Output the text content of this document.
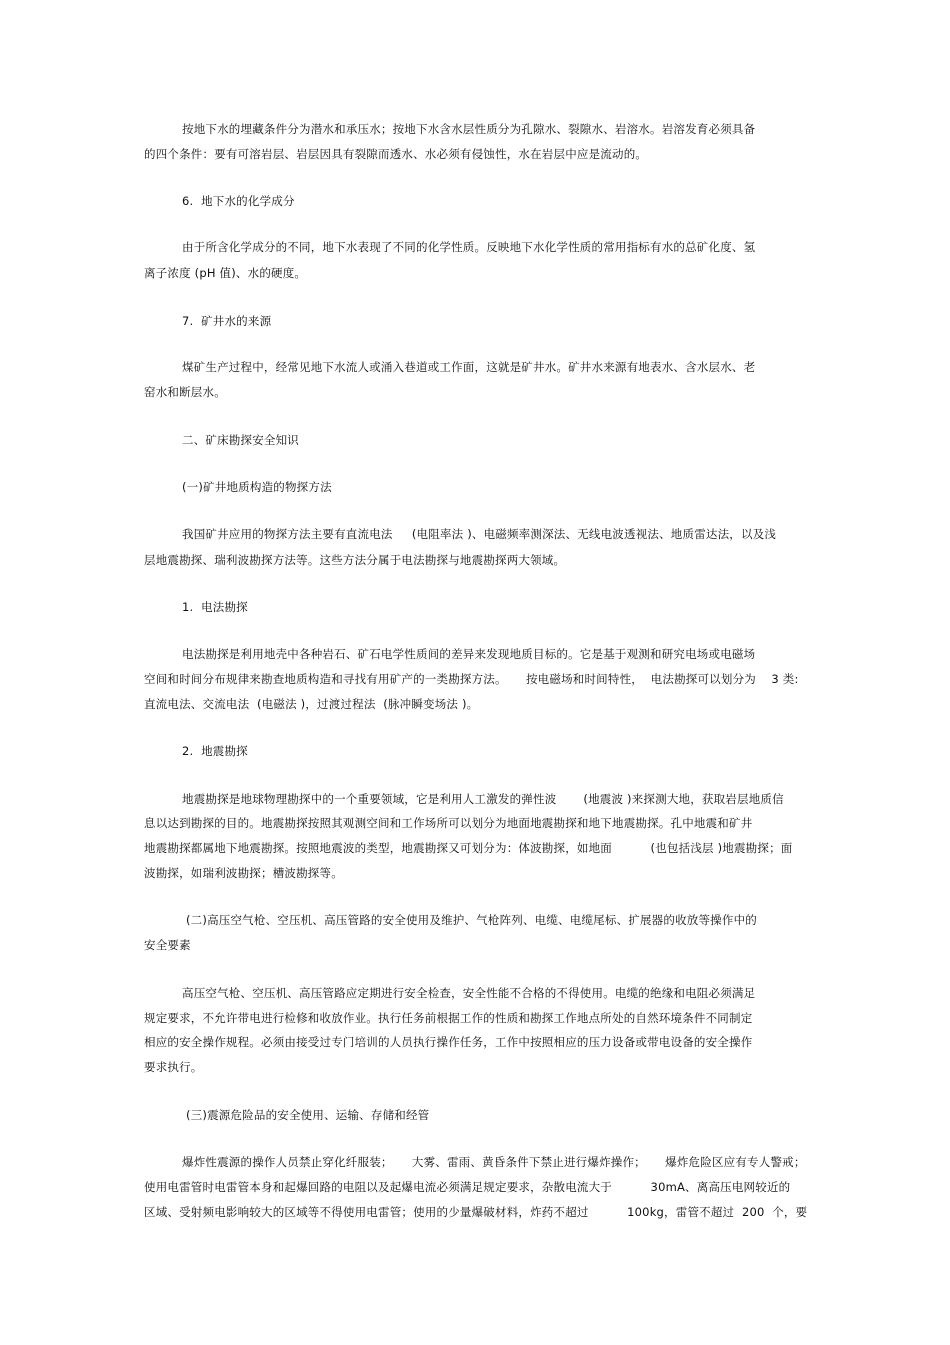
按地下水的埋藏条件分为潜水和承压水；按地下水含水层性质分为孔隙水、裂隙水、岩溶水。岩溶发育必须具备
的四个条件：要有可溶岩层、岩层因具有裂隙而透水、水必须有侵蚀性，水在岩层中应是流动的。
6.  地下水的化学成分
由于所含化学成分的不同，地下水表现了不同的化学性质。反映地下水化学性质的常用指标有水的总矿化度、氢
离子浓度 (pH 值)、水的硬度。
7.  矿井水的来源
煤矿生产过程中，经常见地下水流人或涌入巷道或工作面，这就是矿井水。矿井水来源有地表水、含水层水、老
窑水和断层水。
二、矿床勘探安全知识
(一)矿井地质构造的物探方法
我国矿井应用的物探方法主要有直流电法     (电阻率法 )、电磁频率测深法、无线电波透视法、地质雷达法，以及浅
层地震勘探、瑞利波勘探方法等。这些方法分属于电法勘探与地震勘探两大领域。
1.  电法勘探
电法勘探是利用地壳中各种岩石、矿石电学性质间的差异来发现地质目标的。它是基于观测和研究电场或电磁场
空间和时间分布规律来勘查地质构造和寻找有用矿产的一类勘探方法。     按电磁场和时间特性，  电法勘探可以划分为    3 类:
直流电法、交流电法  (电磁法 )，过渡过程法  (脉冲瞬变场法 )。
2.  地震勘探
地震勘探是地球物理勘探中的一个重要领域，它是利用人工激发的弹性波       (地震波 )来探测大地，获取岩层地质信
息以达到勘探的目的。地震勘探按照其观测空间和工作场所可以划分为地面地震勘探和地下地震勘探。孔中地震和矿井
地震勘探都属地下地震勘探。按照地震波的类型，地震勘探又可划分为：体波勘探，如地面          (也包括浅层 )地震勘探；面
波勘探，如瑞利波勘探；槽波勘探等。
(二)高压空气枪、空压机、高压管路的安全使用及维护、气枪阵列、电缆、电缆尾标、扩展器的收放等操作中的
安全要素
高压空气枪、空压机、高压管路应定期进行安全检查，安全性能不合格的不得使用。电缆的绝缘和电阻必须满足
规定要求，不允许带电进行检修和收放作业。执行任务前根据工作的性质和勘探工作地点所处的自然环境条件不同制定
相应的安全操作规程。必须由接受过专门培训的人员执行操作任务，工作中按照相应的压力设备或带电设备的安全操作
要求执行。
(三)震源危险品的安全使用、运输、存储和经管
爆炸性震源的操作人员禁止穿化纤服装；     大雾、雷雨、黄昏条件下禁止进行爆炸操作；     爆炸危险区应有专人警戒；
使用电雷管时电雷管本身和起爆回路的电阻以及起爆电流必须满足规定要求，杂散电流大于          30mA、离高压电网较近的
区域、受射频电影响较大的区域等不得使用电雷管；使用的少量爆破材料，炸药不超过          100kg，雷管不超过  200  个，要
